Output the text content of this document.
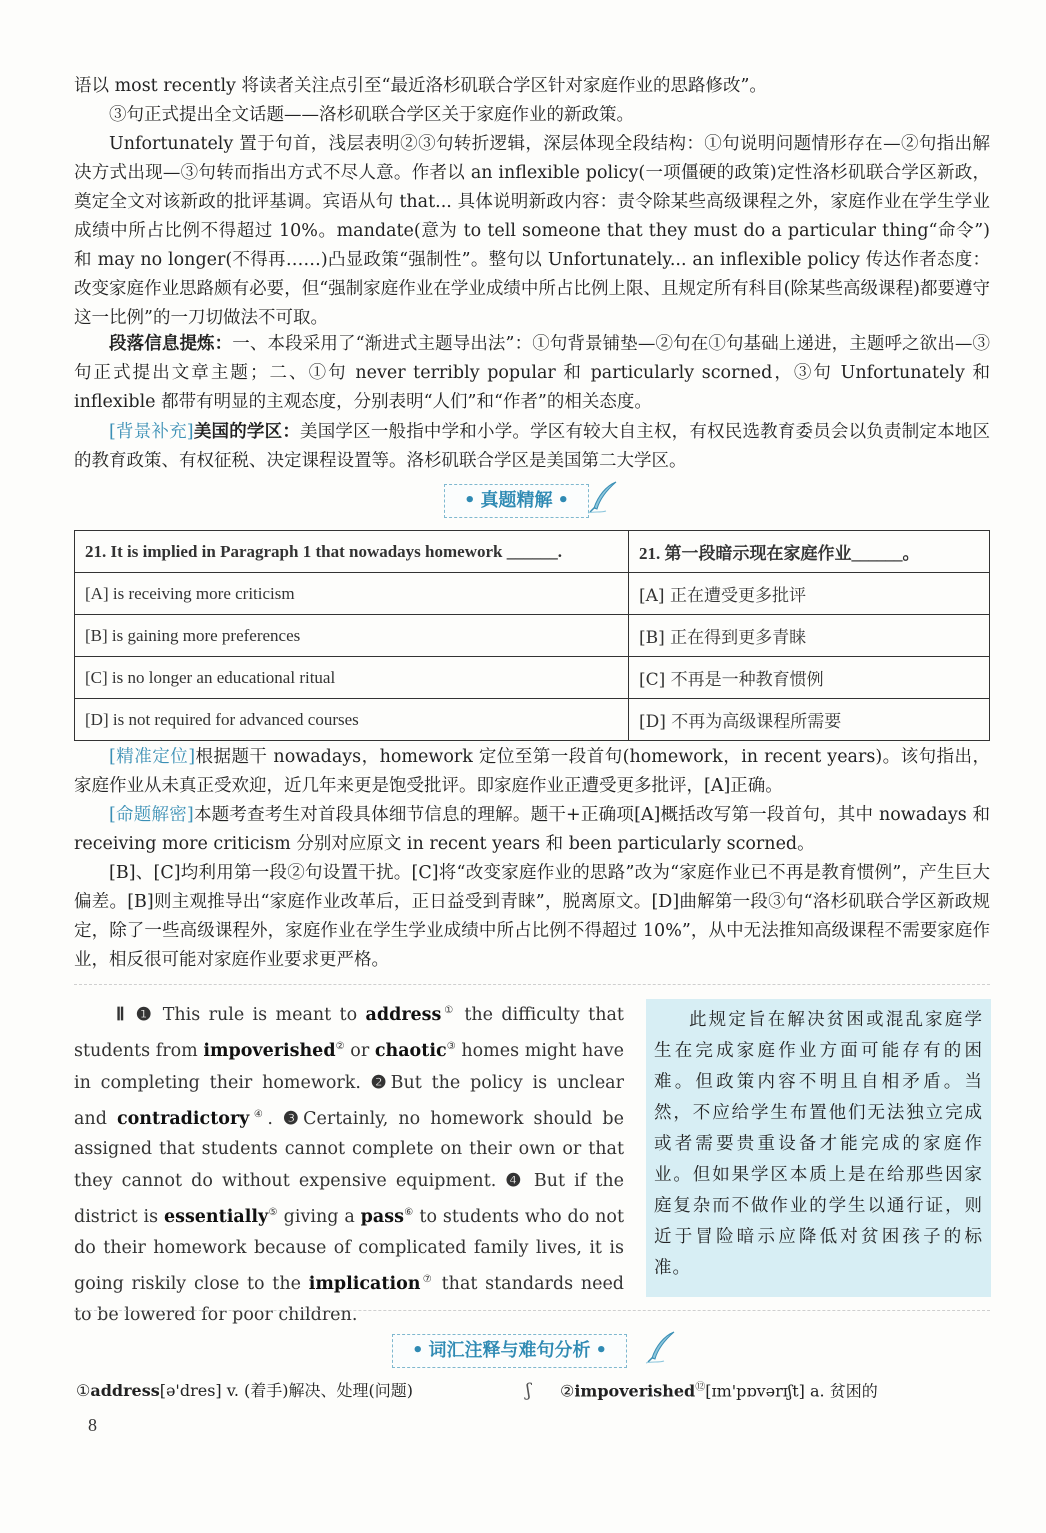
语以 most recently 将读者关注点引至“最近洛杉矶联合学区针对家庭作业的思路修改”。

③句正式提出全文话题——洛杉矶联合学区关于家庭作业的新政策。

Unfortunately 置于句首，浅层表明②③句转折逻辑，深层体现全段结构：①句说明问题情形存在—②句指出解决方式出现—③句转而指出方式不尽人意。作者以 an inflexible policy(一项僵硬的政策)定性洛杉矶联合学区新政，奠定全文对该新政的批评基调。宾语从句 that... 具体说明新政内容：责令除某些高级课程之外，家庭作业在学生学业成绩中所占比例不得超过 10%。mandate(意为 to tell someone that they must do a particular thing“命令”)和 may no longer(不得再……)凸显政策“强制性”。整句以 Unfortunately... an inflexible policy 传达作者态度：改变家庭作业思路颇有必要，但“强制家庭作业在学业成绩中所占比例上限、且规定所有科目(除某些高级课程)都要遵守这一比例”的一刀切做法不可取。

段落信息提炼：一、本段采用了“渐进式主题导出法”：①句背景铺垫—②句在①句基础上递进，主题呼之欲出—③句正式提出文章主题；二、①句 never terribly popular 和 particularly scorned，③句 Unfortunately 和 inflexible 都带有明显的主观态度，分别表明“人们”和“作者”的相关态度。

[背景补充]美国的学区：美国学区一般指中学和小学。学区有较大自主权，有权民选教育委员会以负责制定本地区的教育政策、有权征税、决定课程设置等。洛杉矶联合学区是美国第二大学区。

• 真题精解 •
21. It is implied in Paragraph 1 that nowadays homework ______.	21. 第一段暗示现在家庭作业______。
[A] is receiving more criticism	[A] 正在遭受更多批评
[B] is gaining more preferences	[B] 正在得到更多青睐
[C] is no longer an educational ritual	[C] 不再是一种教育惯例
[D] is not required for advanced courses	[D] 不再为高级课程所需要

[精准定位]根据题干 nowadays，homework 定位至第一段首句(homework，in recent years)。该句指出，家庭作业从未真正受欢迎，近几年来更是饱受批评。即家庭作业正遭受更多批评，[A]正确。

[命题解密]本题考查考生对首段具体细节信息的理解。题干+正确项[A]概括改写第一段首句，其中 nowadays 和 receiving more criticism 分别对应原文 in recent years 和 been particularly scorned。

[B]、[C]均利用第一段②句设置干扰。[C]将“改变家庭作业的思路”改为“家庭作业已不再是教育惯例”，产生巨大偏差。[B]则主观推导出“家庭作业改革后，正日益受到青睐”，脱离原文。[D]曲解第一段③句“洛杉矶联合学区新政规定，除了一些高级课程外，家庭作业在学生学业成绩中所占比例不得超过 10%”，从中无法推知高级课程不需要家庭作业，相反很可能对家庭作业要求更严格。

Ⅱ ❶ This rule is meant to address① the difficulty that students from impoverished② or chaotic③ homes might have in completing their homework. ❷But the policy is unclear and contradictory④. ❸Certainly, no homework should be assigned that students cannot complete on their own or that they cannot do without expensive equipment. ❹ But if the district is essentially⑤ giving a pass⑥ to students who do not do their homework because of complicated family lives, it is going riskily close to the implication⑦ that standards need to be lowered for poor children.
此规定旨在解决贫困或混乱家庭学生在完成家庭作业方面可能存有的困难。但政策内容不明且自相矛盾。当然，不应给学生布置他们无法独立完成或者需要贵重设备才能完成的家庭作业。但如果学区本质上是在给那些因家庭复杂而不做作业的学生以通行证，则近于冒险暗示应降低对贫困孩子的标准。
• 词汇注释与难句分析 •
①address[ə'dres] v. (着手)解决、处理(问题)	ʃ ②impoverished⑫[ɪm'pɒvərɪʃt] a. 贫困的
8
